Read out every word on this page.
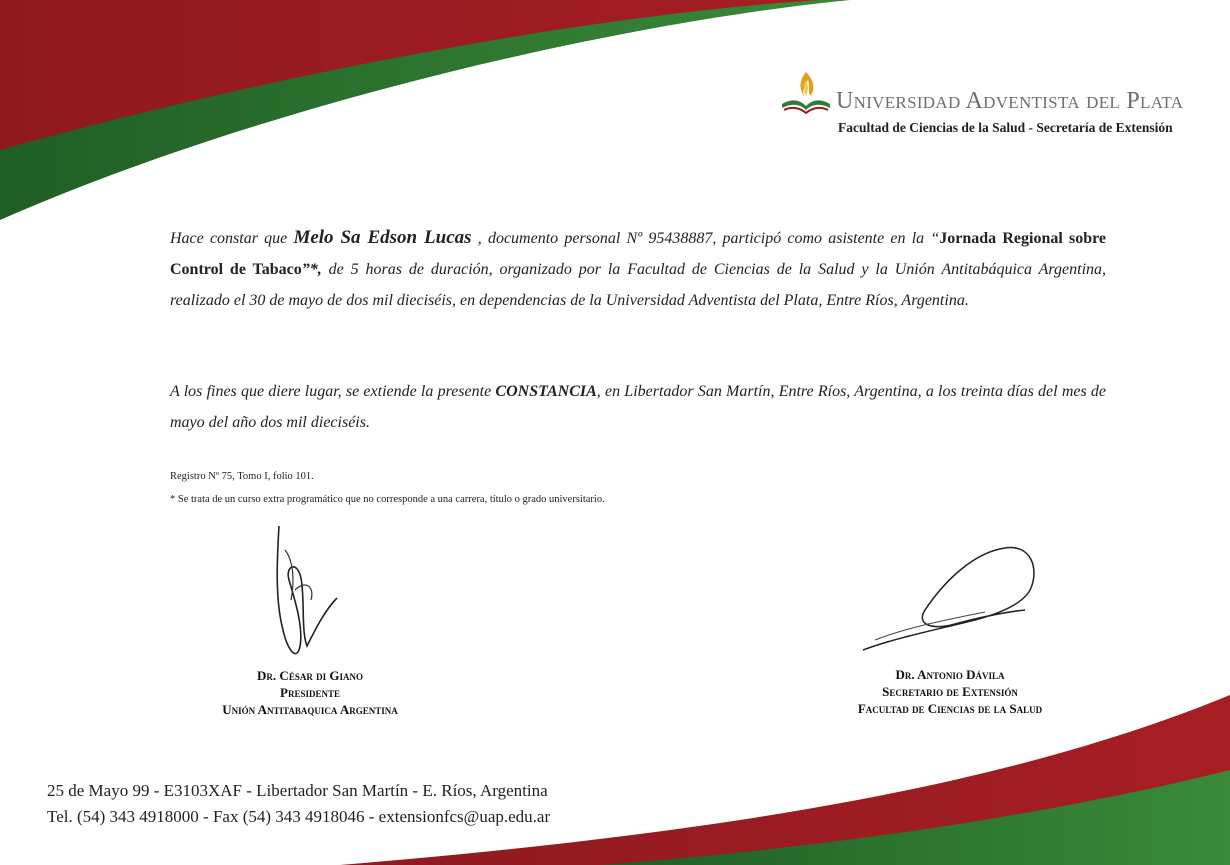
Universidad Adventista del Plata
Facultad de Ciencias de la Salud - Secretaría de Extensión
Hace constar que Melo Sa Edson Lucas , documento personal Nº 95438887, participó como asistente en la “Jornada Regional sobre Control de Tabaco”*, de 5 horas de duración, organizado por la Facultad de Ciencias de la Salud y la Unión Antitabáquica Argentina, realizado el 30 de mayo de dos mil dieciséis, en dependencias de la Universidad Adventista del Plata, Entre Ríos, Argentina.
A los fines que diere lugar, se extiende la presente CONSTANCIA, en Libertador San Martín, Entre Ríos, Argentina, a los treinta días del mes de mayo del año dos mil dieciséis.
Registro Nº 75, Tomo I, folio 101.
* Se trata de un curso extra programático que no corresponde a una carrera, título o grado universitario.
Dr. César di Giano
Presidente
Unión Antitabaquica Argentina
Dr. Antonio Dávila
Secretario de Extensión
Facultad de Ciencias de la Salud
25 de Mayo 99 - E3103XAF - Libertador San Martín - E. Ríos, Argentina
Tel. (54) 343 4918000 - Fax (54) 343 4918046 - extensionfcs@uap.edu.ar
